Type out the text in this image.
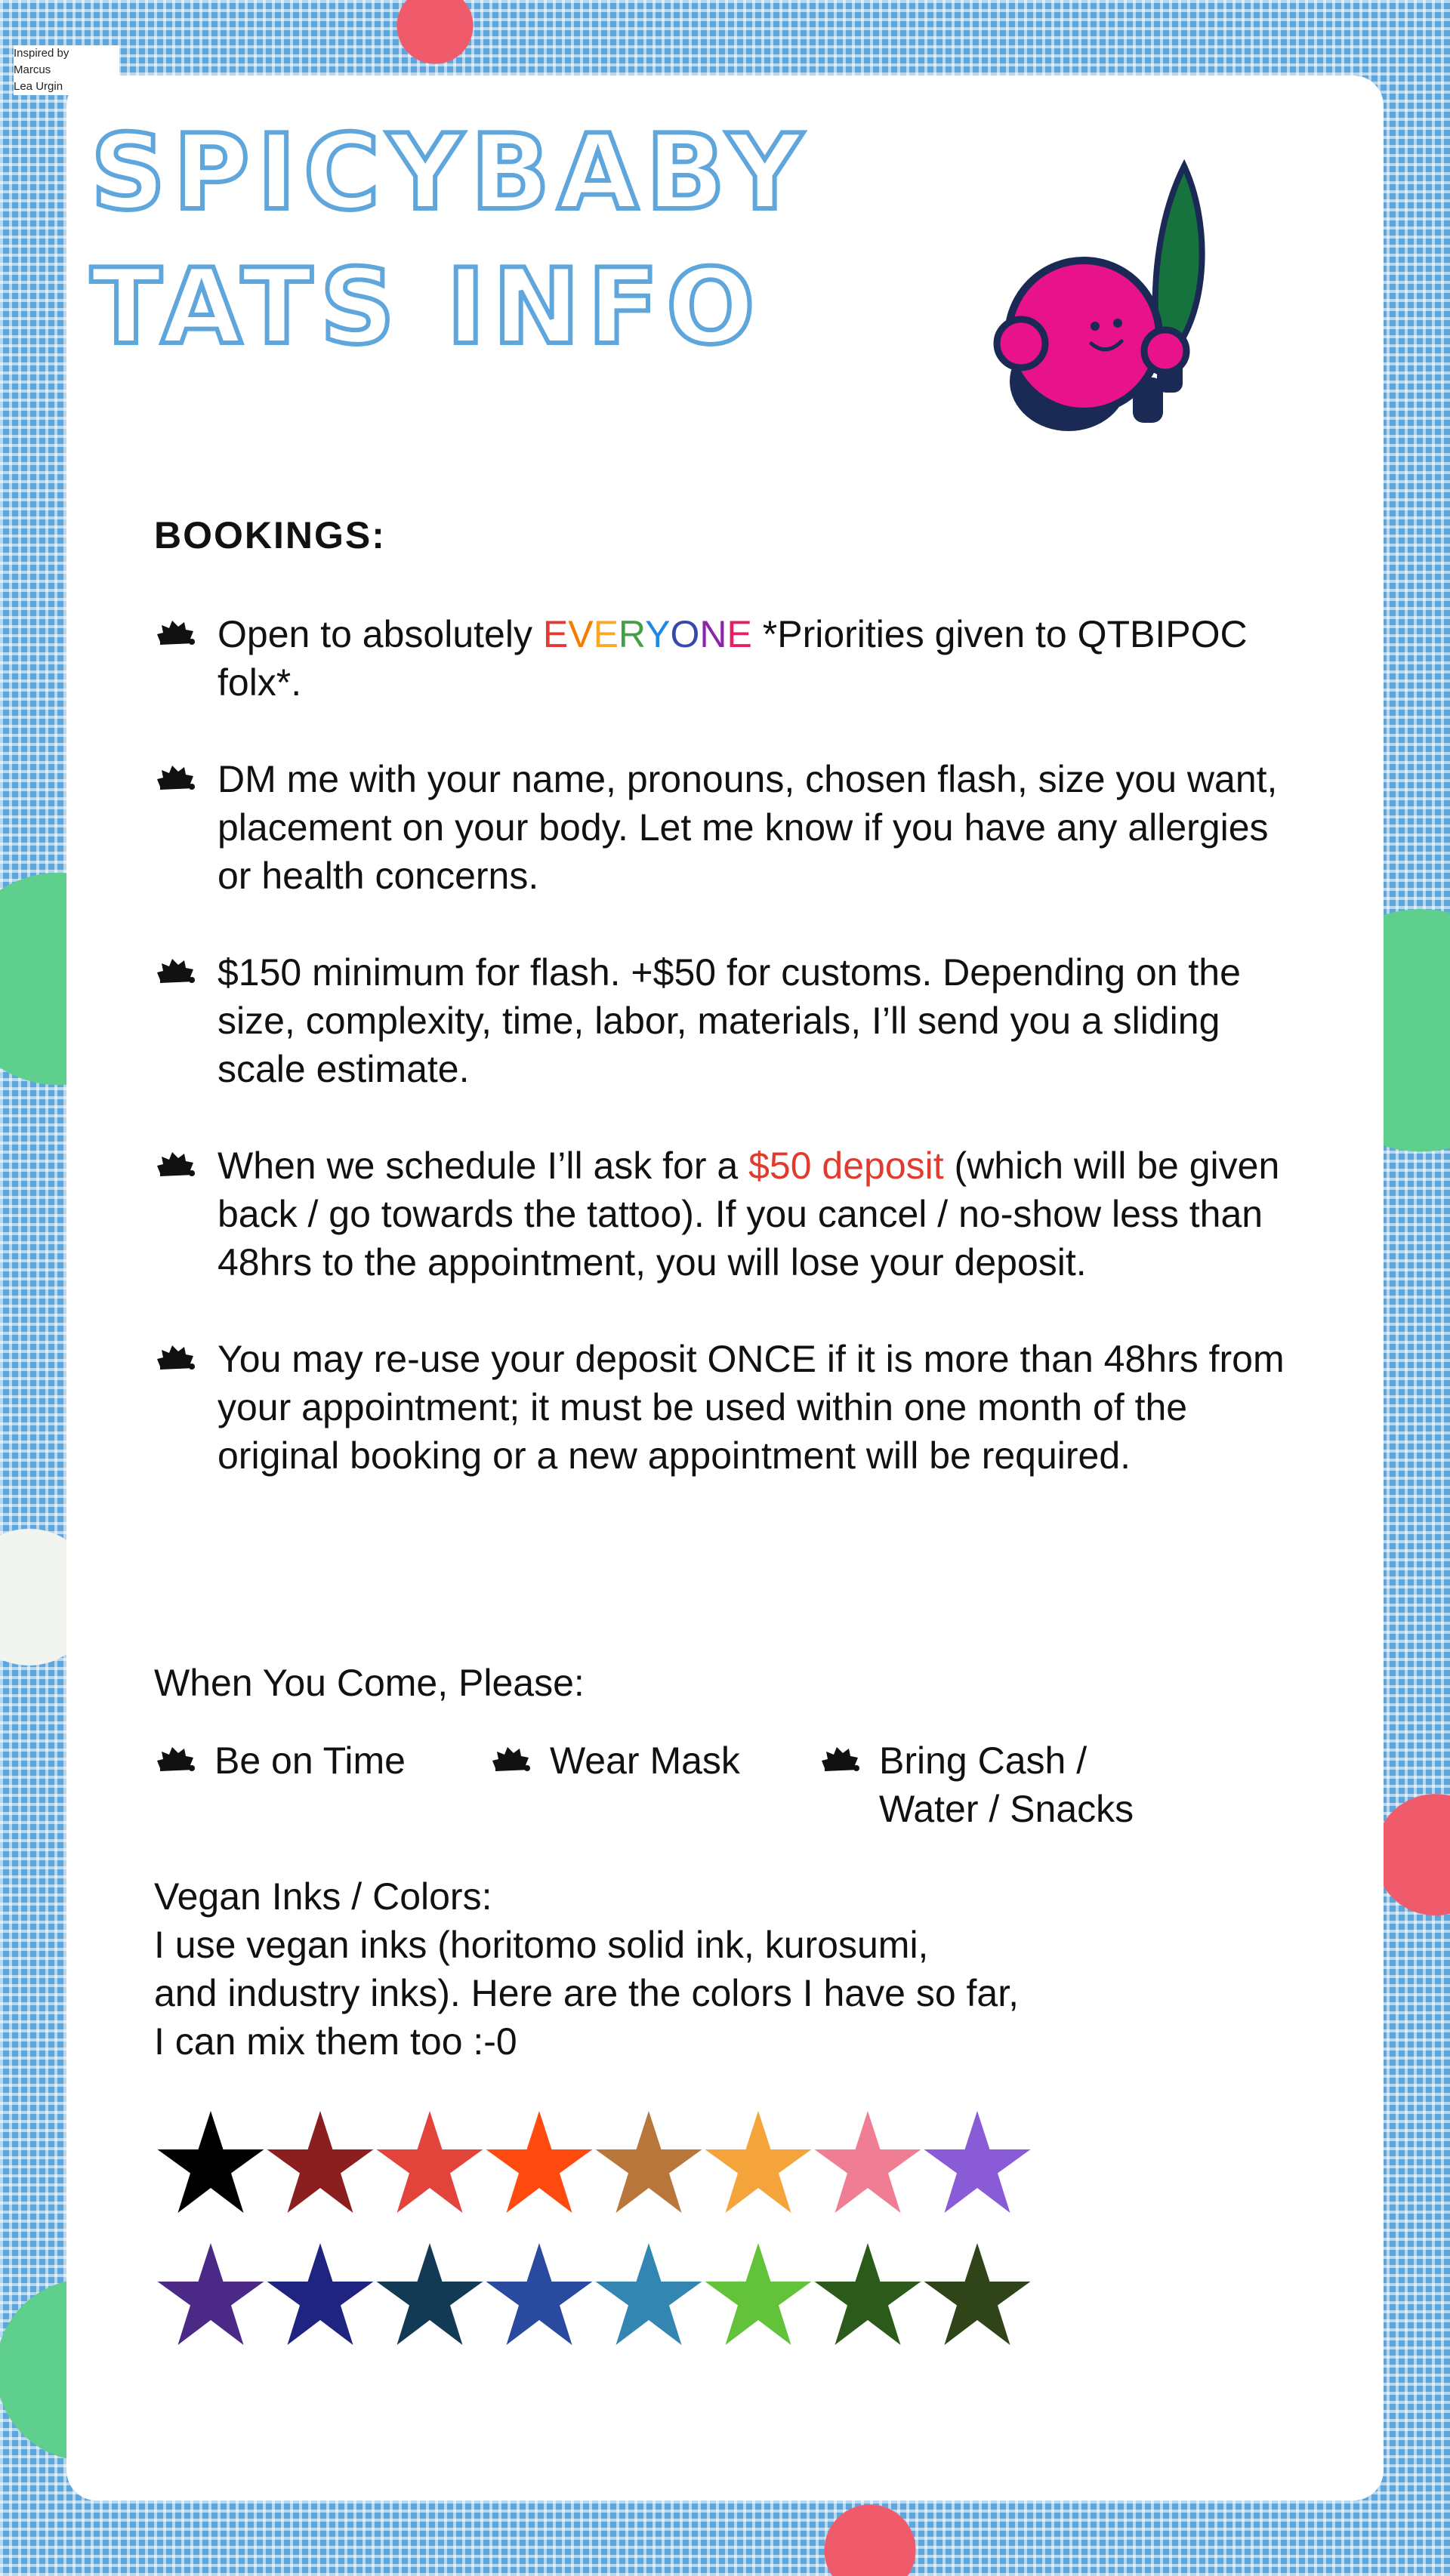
Inspired by
Marcus
Lea Urgin
SPICYBABY
TATS INFO
BOOKINGS:
Open to absolutely EVERYONE *Priorities given to QTBIPOC folx*.
DM me with your name, pronouns, chosen flash, size you want, placement on your body. Let me know if you have any allergies or health concerns.
$150 minimum for flash. +$50 for customs. Depending on the size, complexity, time, labor, materials, I’ll send you a sliding scale estimate.
When we schedule I’ll ask for a $50 deposit (which will be given back / go towards the tattoo). If you cancel / no-show less than 48hrs to the appointment, you will lose your deposit.
You may re-use your deposit ONCE if it is more than 48hrs from your appointment; it must be used within one month of the original booking or a new appointment will be required.
When You Come, Please:
Be on Time	Wear Mask	Bring Cash /
Water / Snacks
Vegan Inks / Colors:
I use vegan inks (horitomo solid ink, kurosumi,
and industry inks). Here are the colors I have so far,
I can mix them too :-0
